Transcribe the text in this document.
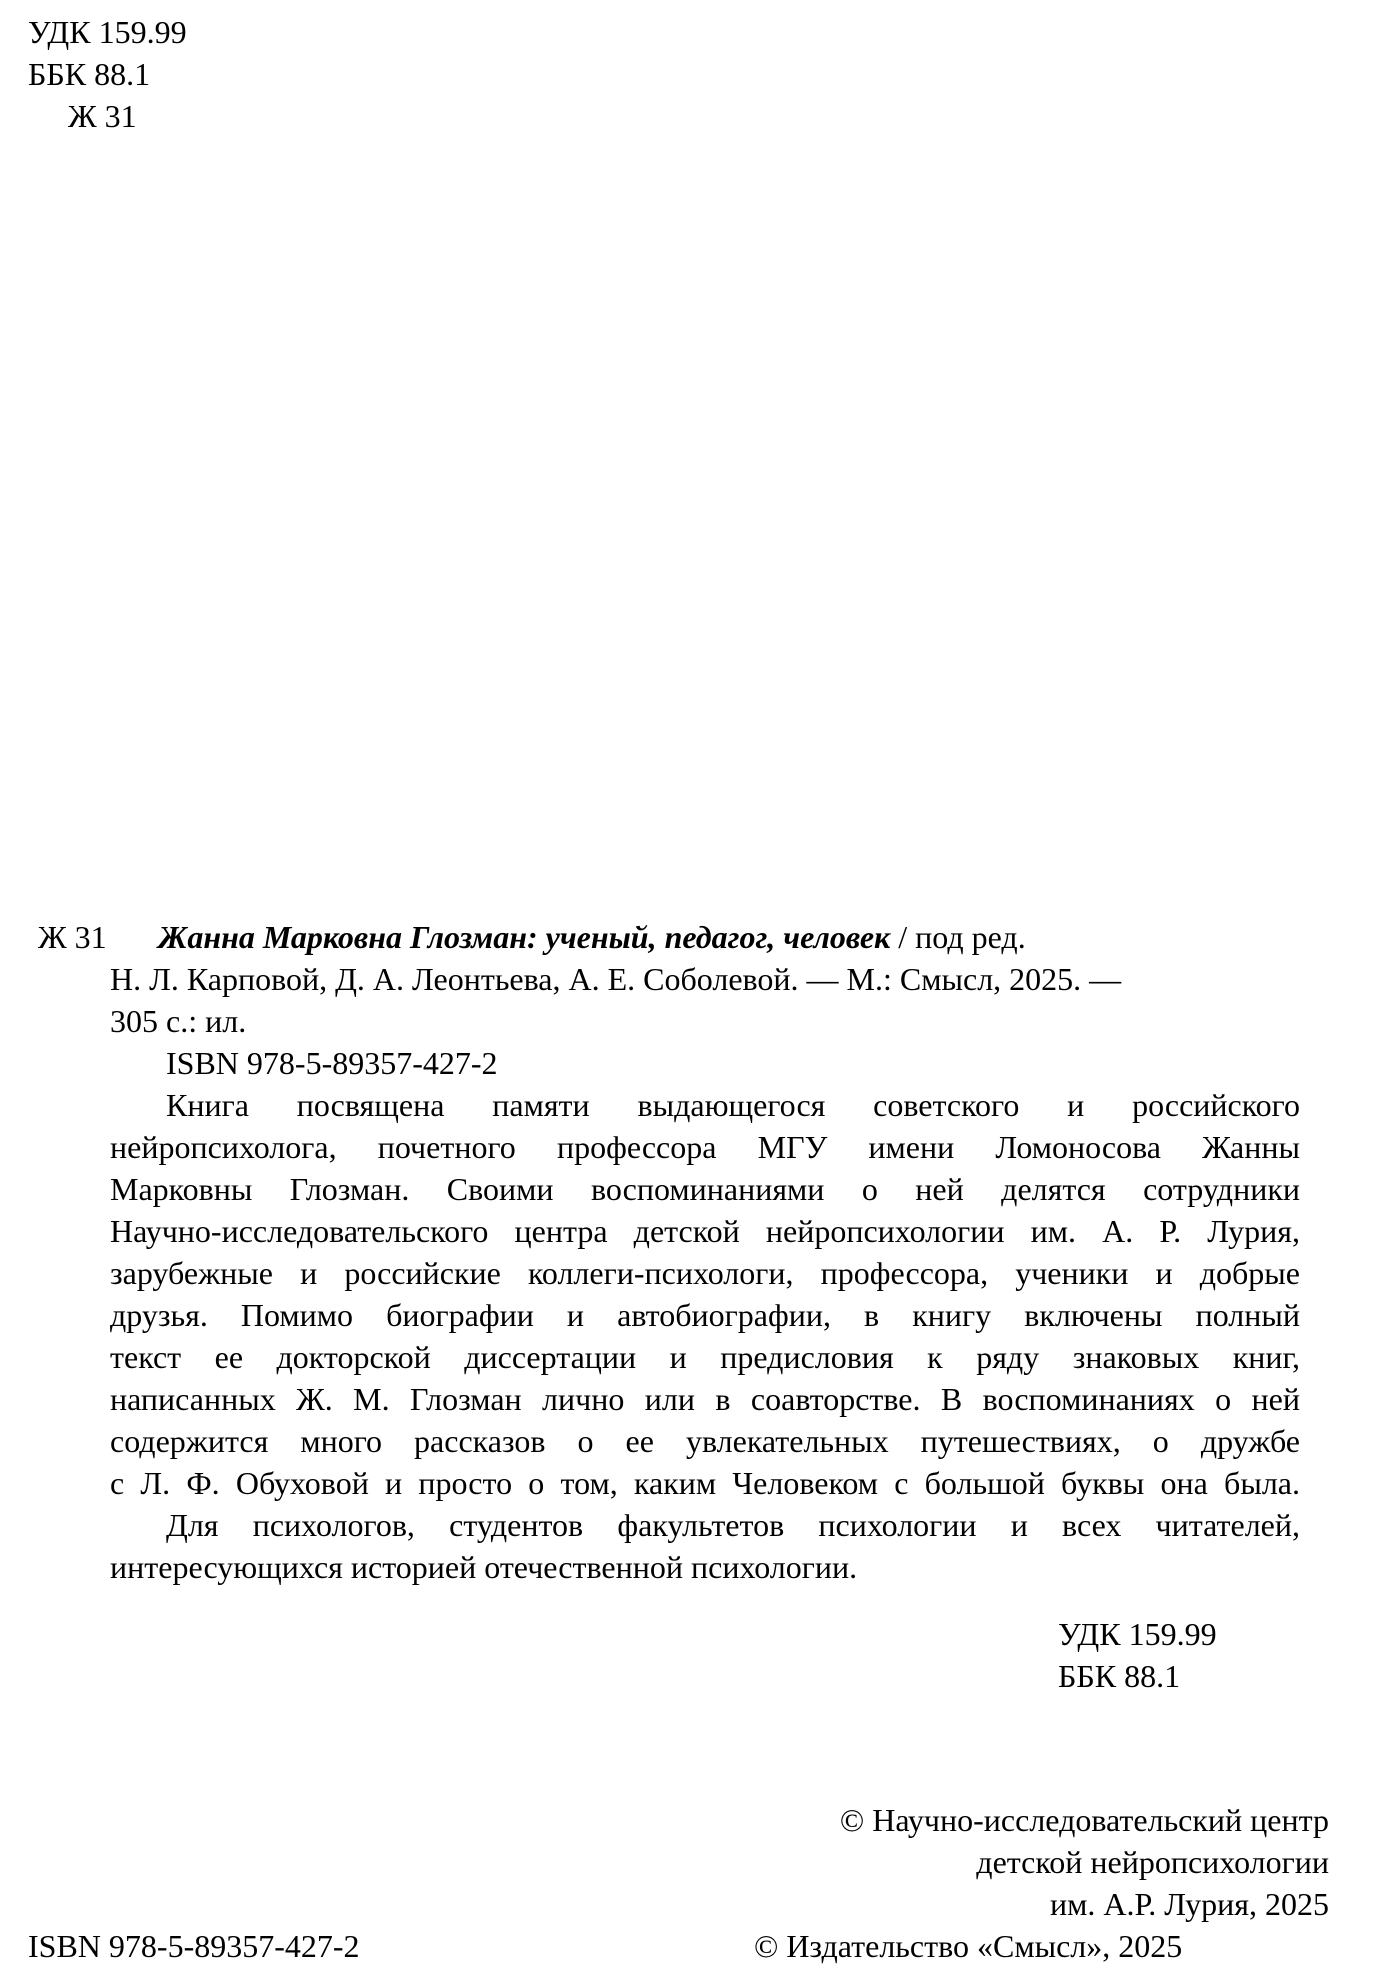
УДК 159.99
ББК 88.1
Ж 31
Ж 31 Жанна Марковна Глозман: ученый, педагог, человек / под ред.
Н. Л. Карповой, Д. А. Леонтьева, А. Е. Соболевой. — М.: Смысл, 2025. —
305 с.: ил.
ISBN 978-5-89357-427-2
Книга посвящена памяти выдающегося советского и российского
нейропсихолога, почетного профессора МГУ имени Ломоносова Жанны
Марковны Глозман. Своими воспоминаниями о ней делятся сотрудники
Научно-исследовательского центра детской нейропсихологии им. А. Р. Лурия,
зарубежные и российские коллеги-психологи, профессора, ученики и добрые
друзья. Помимо биографии и автобиографии, в книгу включены полный
текст ее докторской диссертации и предисловия к ряду знаковых книг,
написанных Ж. М. Глозман лично или в соавторстве. В воспоминаниях о ней
содержится много рассказов о ее увлекательных путешествиях, о дружбе
с Л. Ф. Обуховой и просто о том, каким Человеком с большой буквы она была.
Для психологов, студентов факультетов психологии и всех читателей,
интересующихся историей отечественной психологии.
УДК 159.99
ББК 88.1
© Научно-исследовательский центр
детской нейропсихологии
им. А.Р. Лурия, 2025
© Издательство «Смысл», 2025
ISBN 978-5-89357-427-2
